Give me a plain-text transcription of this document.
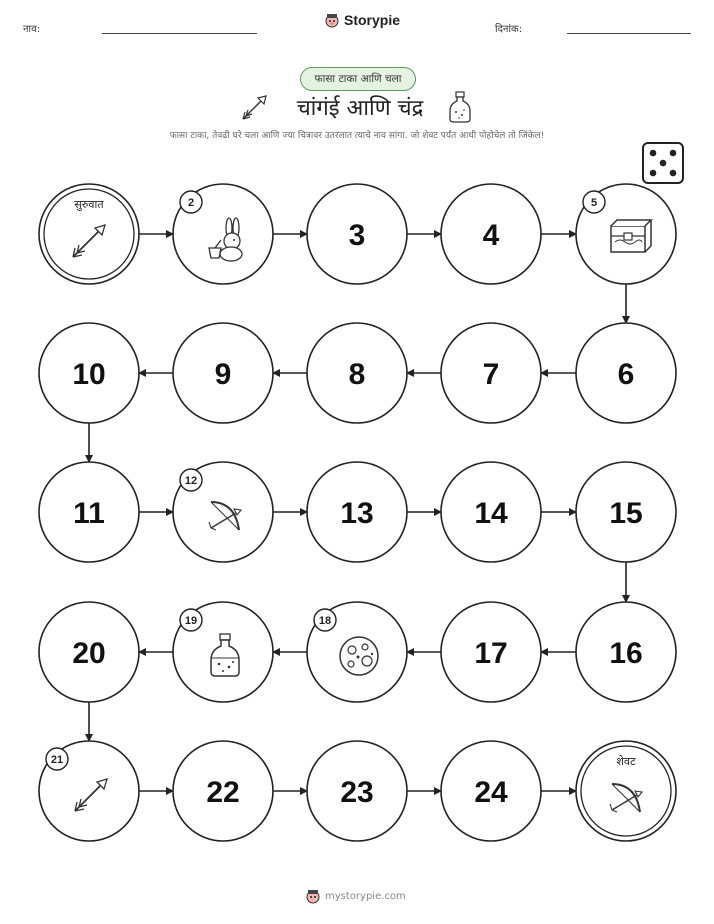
नाव:
Storypie
दिनांक:
फासा टाका आणि चला
चांगंई आणि चंद्र
फासा टाका, तेवढी घरे चला आणि ज्या चित्रावर उतरलात त्याचे नाव सांगा. जो शेवट पर्यंत आधी पोहोचेल तो जिंकेल!
सुरुवात	2
3	4
5
6
7
8
9
10
11
12
13	14	15
16
17
18
19
20
21
22	23	24
शेवट
mystorypie.com
